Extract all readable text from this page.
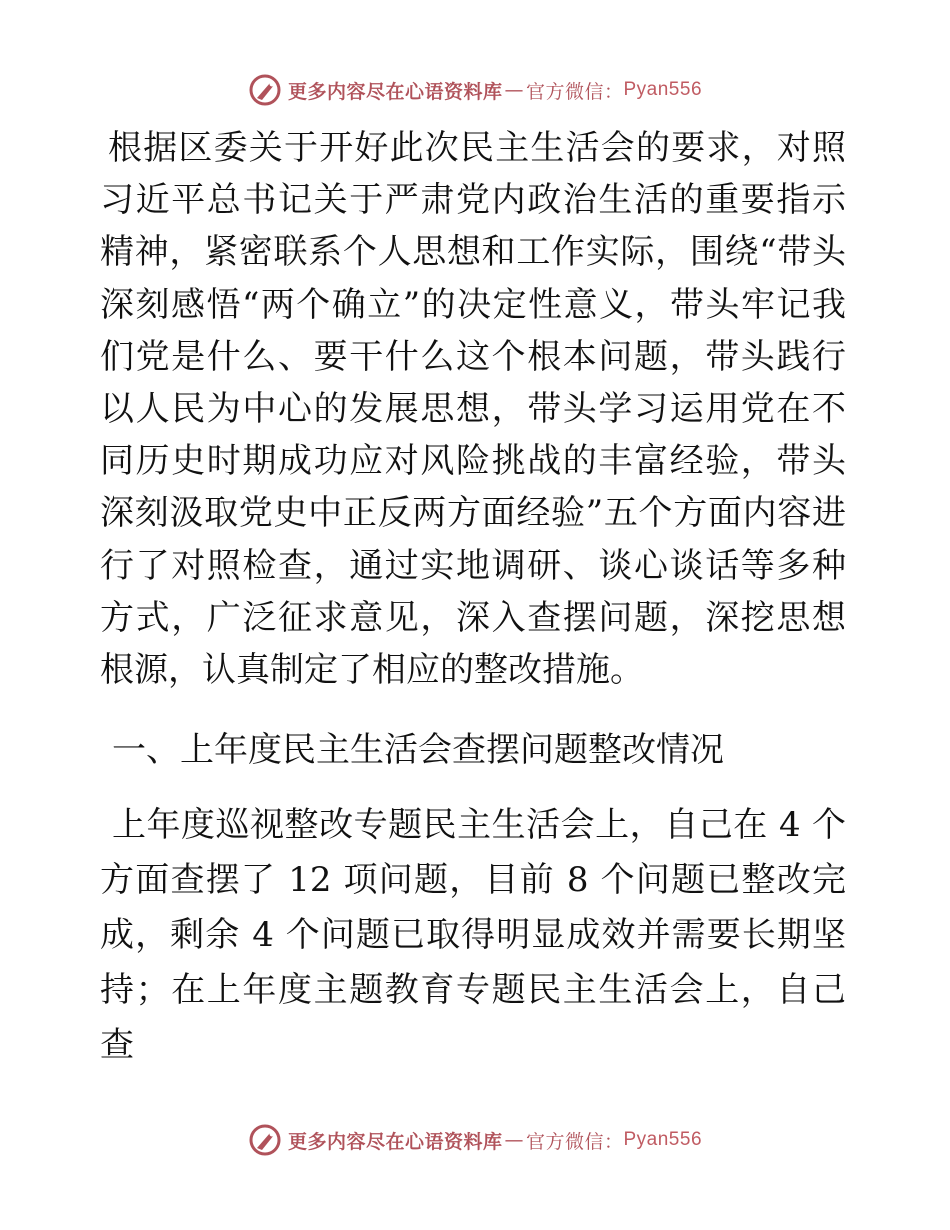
更多内容尽在心语资料库 — 官方微信： Pyan556

根据区委关于开好此次民主生活会的要求，对照习近平总书记关于严肃党内政治生活的重要指示精神，紧密联系个人思想和工作实际，围绕“带头深刻感悟“两个确立”的决定性意义，带头牢记我们党是什么、要干什么这个根本问题，带头践行以人民为中心的发展思想，带头学习运用党在不同历史时期成功应对风险挑战的丰富经验，带头深刻汲取党史中正反两方面经验”五个方面内容进行了对照检查，通过实地调研、谈心谈话等多种方式，广泛征求意见，深入查摆问题，深挖思想根源，认真制定了相应的整改措施。

一、上年度民主生活会查摆问题整改情况

上年度巡视整改专题民主生活会上，自己在 4 个方面查摆了 12 项问题，目前 8 个问题已整改完成，剩余 4 个问题已取得明显成效并需要长期坚持；在上年度主题教育专题民主生活会上，自己查

更多内容尽在心语资料库 — 官方微信： Pyan556
